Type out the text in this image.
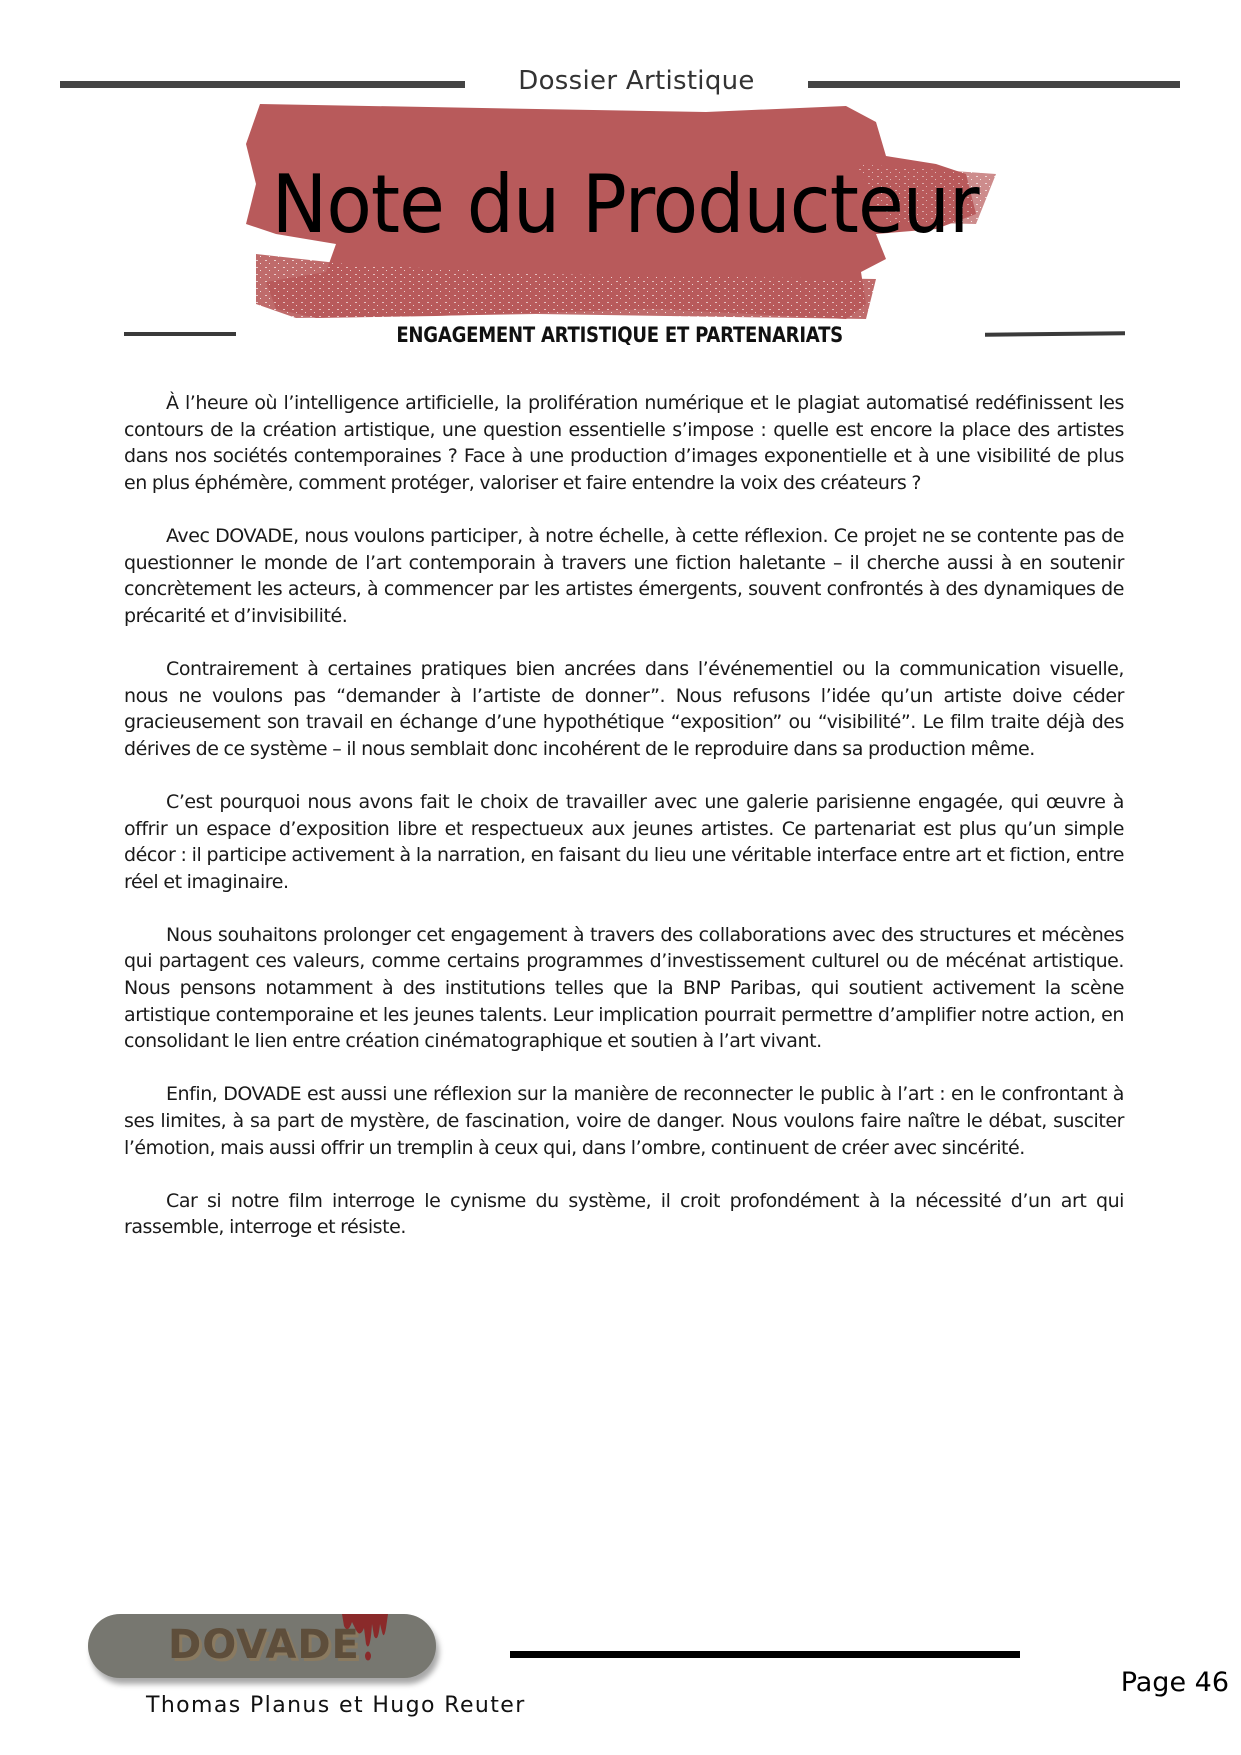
Dossier Artistique
Note du Producteur
ENGAGEMENT ARTISTIQUE ET PARTENARIATS

À l’heure où l’intelligence artificielle, la prolifération numérique et le plagiat automatisé redéfinissent les contours de la création artistique, une question essentielle s’impose : quelle est encore la place des artistes dans nos sociétés contemporaines ? Face à une production d’images exponentielle et à une visibilité de plus en plus éphémère, comment protéger, valoriser et faire entendre la voix des créateurs ?

Avec DOVADE, nous voulons participer, à notre échelle, à cette réflexion. Ce projet ne se contente pas de questionner le monde de l’art contemporain à travers une fiction haletante – il cherche aussi à en soutenir concrètement les acteurs, à commencer par les artistes émergents, souvent confrontés à des dynamiques de précarité et d’invisibilité.

Contrairement à certaines pratiques bien ancrées dans l’événementiel ou la communication visuelle, nous ne voulons pas “demander à l’artiste de donner”. Nous refusons l’idée qu’un artiste doive céder gracieusement son travail en échange d’une hypothétique “exposition” ou “visibilité”. Le film traite déjà des dérives de ce système – il nous semblait donc incohérent de le reproduire dans sa production même.

C’est pourquoi nous avons fait le choix de travailler avec une galerie parisienne engagée, qui œuvre à offrir un espace d’exposition libre et respectueux aux jeunes artistes. Ce partenariat est plus qu’un simple décor : il participe activement à la narration, en faisant du lieu une véritable interface entre art et fiction, entre réel et imaginaire.

Nous souhaitons prolonger cet engagement à travers des collaborations avec des structures et mécènes qui partagent ces valeurs, comme certains programmes d’investissement culturel ou de mécénat artistique. Nous pensons notamment à des institutions telles que la BNP Paribas, qui soutient activement la scène artistique contemporaine et les jeunes talents. Leur implication pourrait permettre d’amplifier notre action, en consolidant le lien entre création cinématographique et soutien à l’art vivant.

Enfin, DOVADE est aussi une réflexion sur la manière de reconnecter le public à l’art : en le confrontant à ses limites, à sa part de mystère, de fascination, voire de danger. Nous voulons faire naître le débat, susciter l’émotion, mais aussi offrir un tremplin à ceux qui, dans l’ombre, continuent de créer avec sincérité.

Car si notre film interroge le cynisme du système, il croit profondément à la nécessité d’un art qui rassemble, interroge et résiste.

DOVADE
Thomas Planus et Hugo Reuter
Page 46
